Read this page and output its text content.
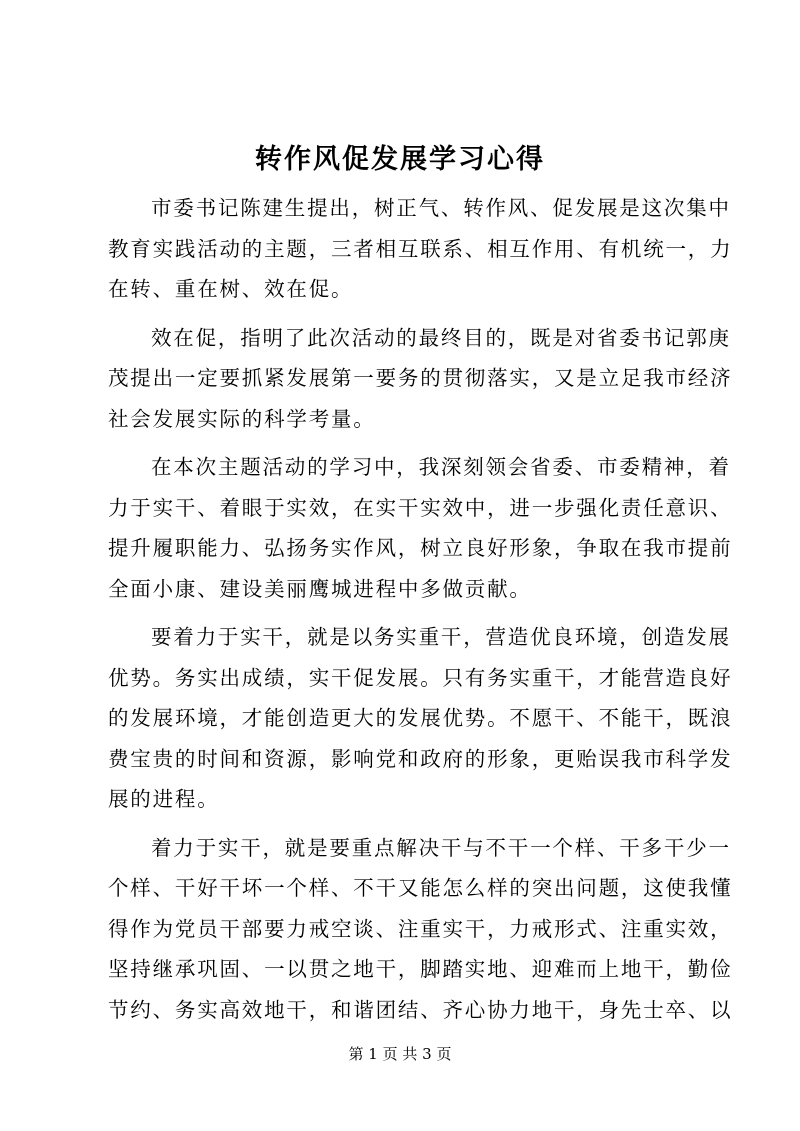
转作风促发展学习心得
市委书记陈建生提出，树正气、转作风、促发展是这次集中
教育实践活动的主题，三者相互联系、相互作用、有机统一，力
在转、重在树、效在促。
效在促，指明了此次活动的最终目的，既是对省委书记郭庚
茂提出一定要抓紧发展第一要务的贯彻落实，又是立足我市经济
社会发展实际的科学考量。
在本次主题活动的学习中，我深刻领会省委、市委精神，着
力于实干、着眼于实效，在实干实效中，进一步强化责任意识、
提升履职能力、弘扬务实作风，树立良好形象，争取在我市提前
全面小康、建设美丽鹰城进程中多做贡献。
要着力于实干，就是以务实重干，营造优良环境，创造发展
优势。务实出成绩，实干促发展。只有务实重干，才能营造良好
的发展环境，才能创造更大的发展优势。不愿干、不能干，既浪
费宝贵的时间和资源，影响党和政府的形象，更贻误我市科学发
展的进程。
着力于实干，就是要重点解决干与不干一个样、干多干少一
个样、干好干坏一个样、不干又能怎么样的突出问题，这使我懂
得作为党员干部要力戒空谈、注重实干，力戒形式、注重实效，
坚持继承巩固、一以贯之地干，脚踏实地、迎难而上地干，勤俭
节约、务实高效地干，和谐团结、齐心协力地干，身先士卒、以
第 1 页 共 3 页
